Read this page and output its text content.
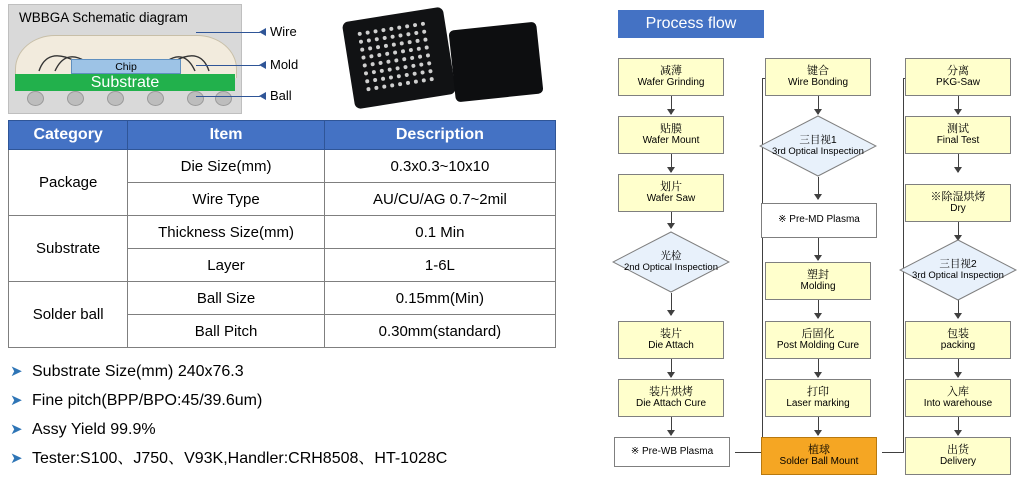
WBBGA Schematic diagram
Chip
Substrate
Wire
Mold
Ball
Category	Item	Description
Package	Die Size(mm)	0.3x0.3~10x10
	Wire Type	AU/CU/AG 0.7~2mil
Substrate	Thickness Size(mm)	0.1 Min
	Layer	1-6L
Solder ball	Ball Size	0.15mm(Min)
	Ball Pitch	0.30mm(standard)
➤ Substrate Size(mm) 240x76.3
➤ Fine pitch(BPP/BPO:45/39.6um)
➤ Assy Yield 99.9%
➤ Tester:S100、J750、V93K,Handler:CRH8508、HT-1028C
Process flow
减薄
Wafer Grinding
贴膜
Wafer Mount
划片
Wafer Saw
光检
2nd Optical Inspection
装片
Die Attach
装片烘烤
Die Attach Cure
※ Pre-WB Plasma
键合
Wire Bonding
三目视1
3rd Optical Inspection
※ Pre-MD Plasma
塑封
Molding
后固化
Post Molding Cure
打印
Laser marking
植球
Solder Ball Mount
分离
PKG-Saw
测试
Final Test
※除湿烘烤
Dry
三目视2
3rd Optical Inspection
包装
packing
入库
Into warehouse
出货
Delivery
